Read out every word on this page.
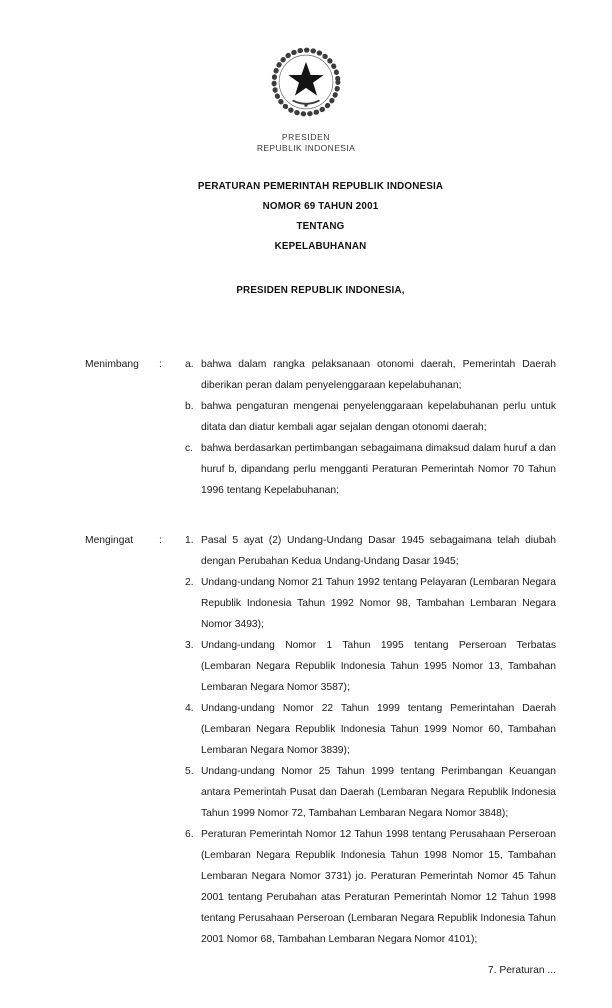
PRESIDEN
REPUBLIK INDONESIA
PERATURAN PEMERINTAH REPUBLIK INDONESIA
NOMOR 69 TAHUN 2001
TENTANG
KEPELABUHANAN
PRESIDEN REPUBLIK INDONESIA,
Menimbang	:	a. bahwa dalam rangka pelaksanaan otonomi daerah, Pemerintah Daerah diberikan peran dalam penyelenggaraan kepelabuhanan;
b. bahwa pengaturan mengenai penyelenggaraan kepelabuhanan perlu untuk ditata dan diatur kembali agar sejalan dengan otonomi daerah;
c. bahwa berdasarkan pertimbangan sebagaimana dimaksud dalam huruf a dan huruf b, dipandang perlu mengganti Peraturan Pemerintah Nomor 70 Tahun 1996 tentang Kepelabuhanan;
Mengingat	:	1. Pasal 5 ayat (2) Undang-Undang Dasar 1945 sebagaimana telah diubah dengan Perubahan Kedua Undang-Undang Dasar 1945;
2. Undang-undang Nomor 21 Tahun 1992 tentang Pelayaran (Lembaran Negara Republik Indonesia Tahun 1992 Nomor 98, Tambahan Lembaran Negara Nomor 3493);
3. Undang-undang Nomor 1 Tahun 1995 tentang Perseroan Terbatas (Lembaran Negara Republik Indonesia Tahun 1995 Nomor 13, Tambahan Lembaran Negara Nomor 3587);
4. Undang-undang Nomor 22 Tahun 1999 tentang Pemerintahan Daerah (Lembaran Negara Republik Indonesia Tahun 1999 Nomor 60, Tambahan Lembaran Negara Nomor 3839);
5. Undang-undang Nomor 25 Tahun 1999 tentang Perimbangan Keuangan antara Pemerintah Pusat dan Daerah (Lembaran Negara Republik Indonesia Tahun 1999 Nomor 72, Tambahan Lembaran Negara Nomor 3848);
6. Peraturan Pemerintah Nomor 12 Tahun 1998 tentang Perusahaan Perseroan (Lembaran Negara Republik Indonesia Tahun 1998 Nomor 15, Tambahan Lembaran Negara Nomor 3731) jo. Peraturan Pemerintah Nomor 45 Tahun 2001 tentang Perubahan atas Peraturan Pemerintah Nomor 12 Tahun 1998 tentang Perusahaan Perseroan (Lembaran Negara Republik Indonesia Tahun 2001 Nomor 68, Tambahan Lembaran Negara Nomor 4101);
7. Peraturan ...
